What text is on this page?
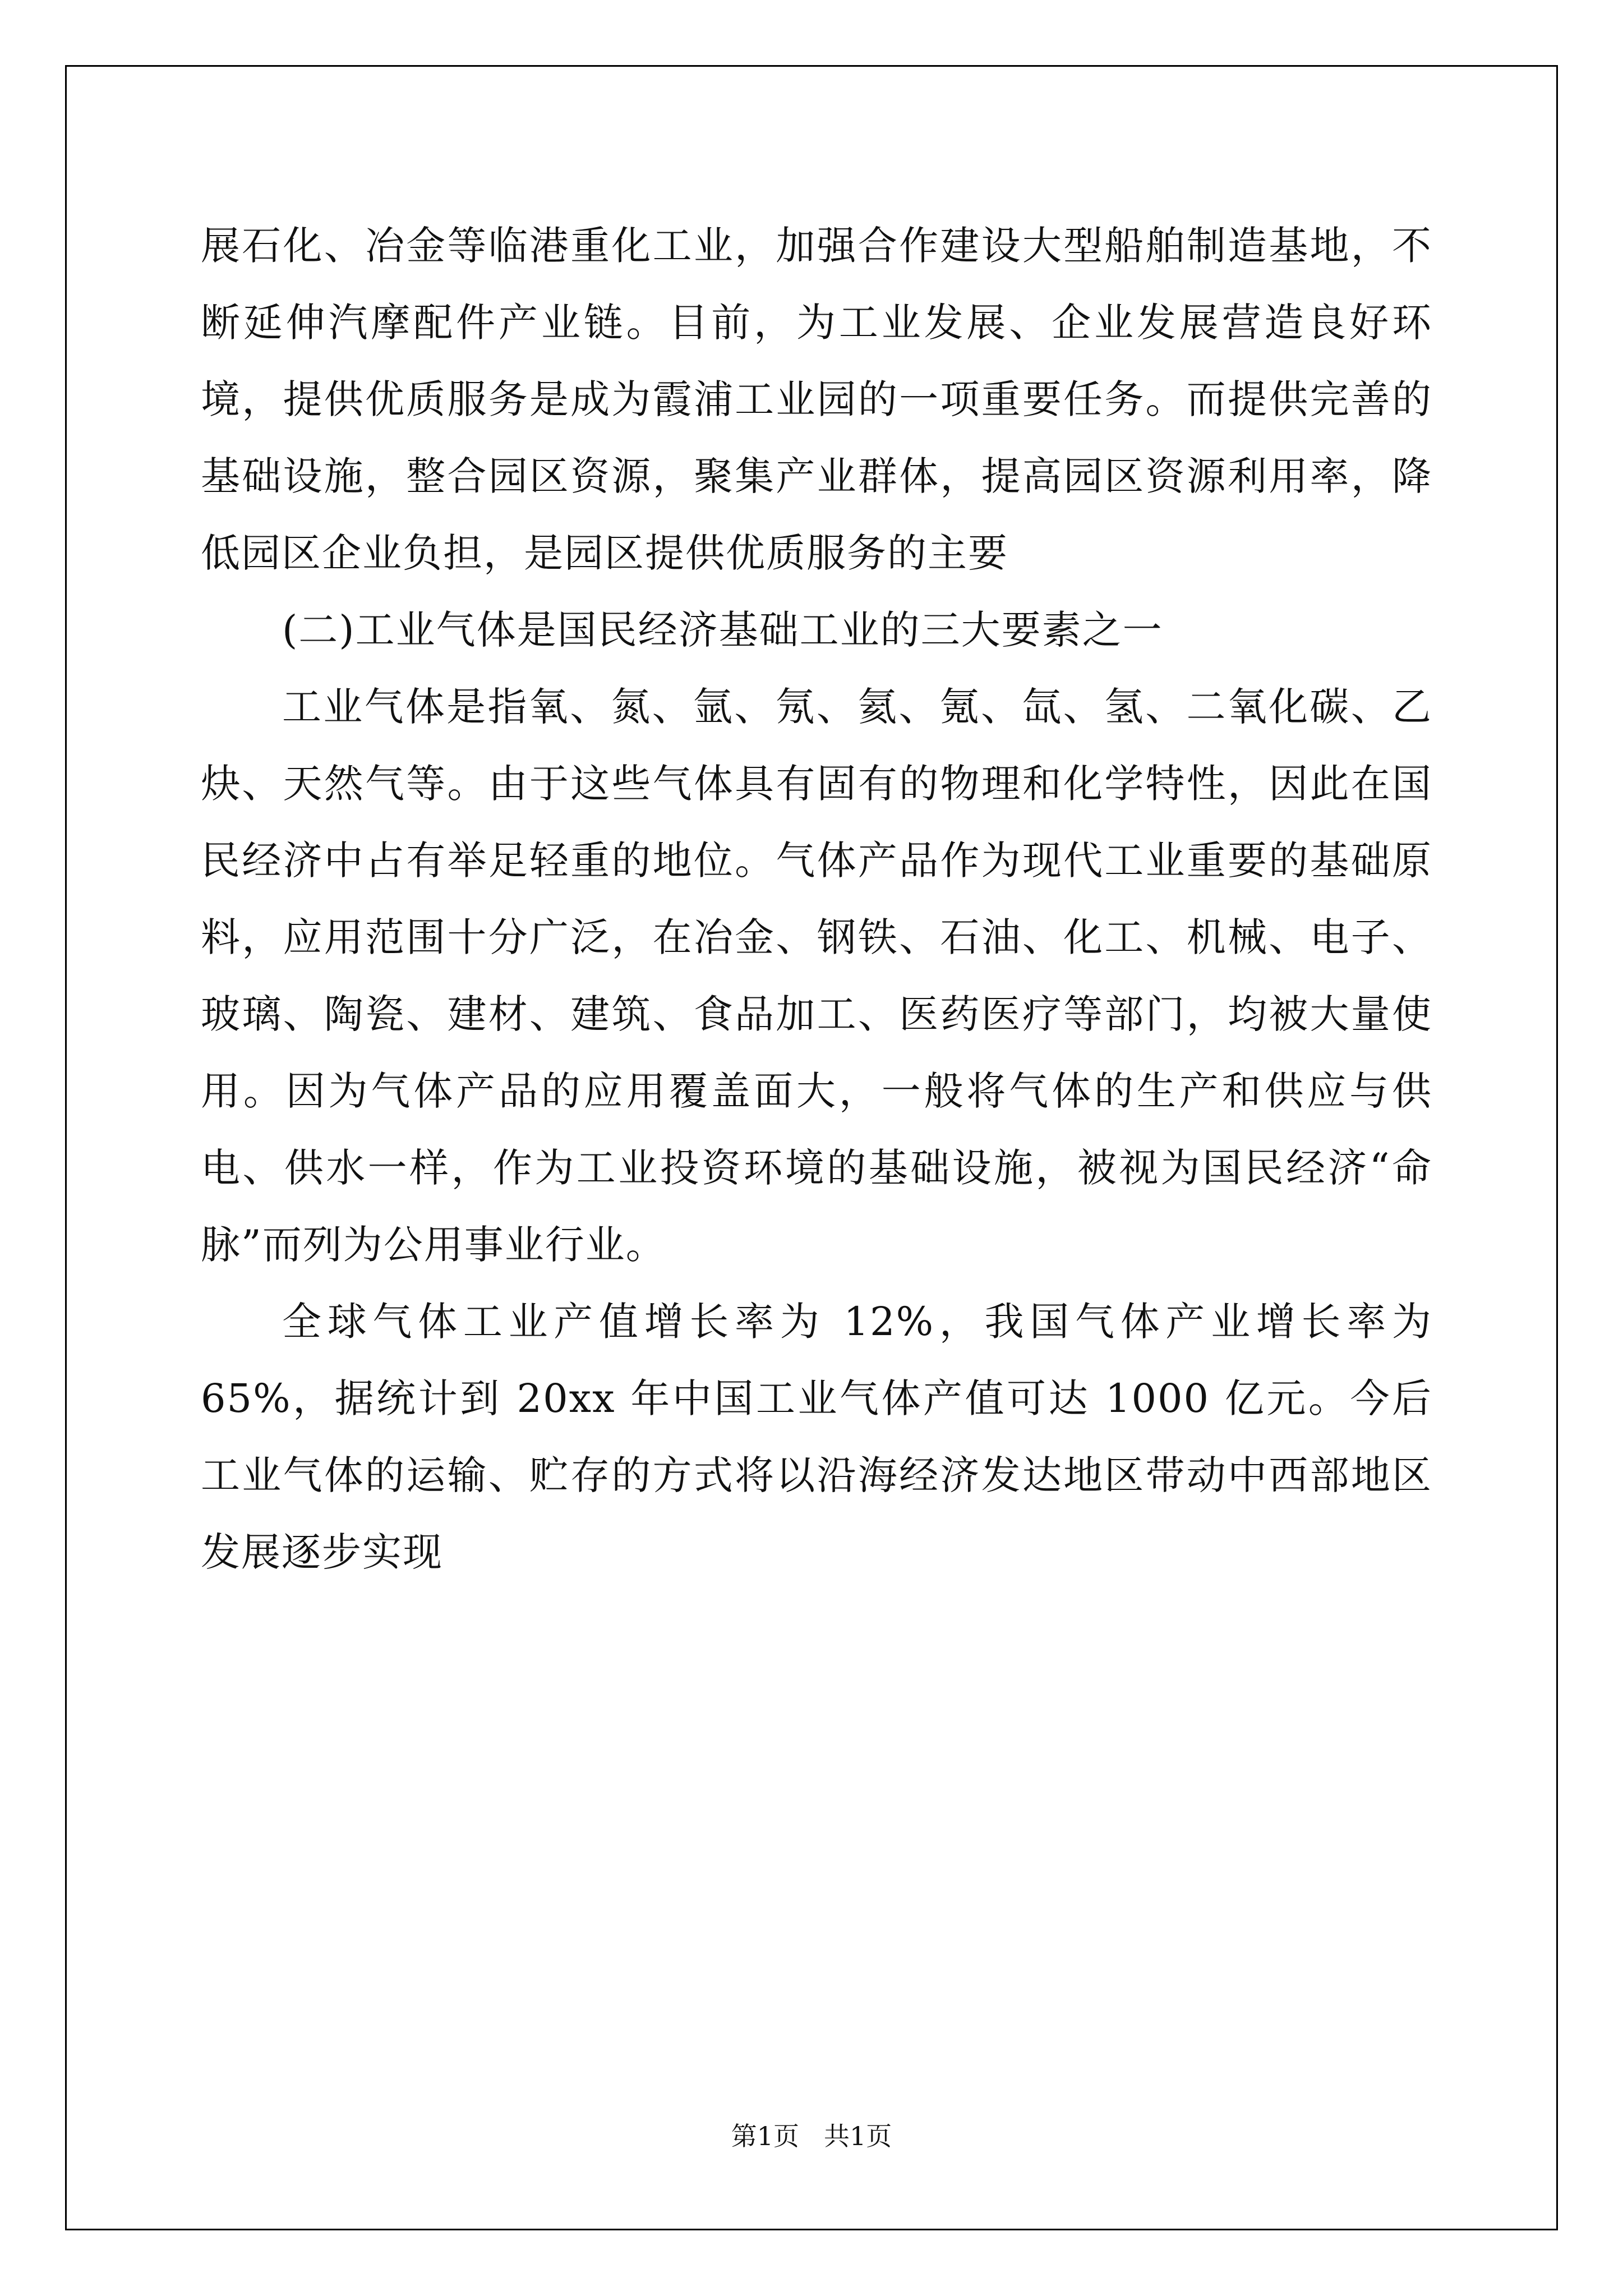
展石化、冶金等临港重化工业，加强合作建设大型船舶制造基地，不断延伸汽摩配件产业链。目前，为工业发展、企业发展营造良好环境，提供优质服务是成为霞浦工业园的一项重要任务。而提供完善的基础设施，整合园区资源，聚集产业群体，提高园区资源利用率，降低园区企业负担，是园区提供优质服务的主要

(二)工业气体是国民经济基础工业的三大要素之一

工业气体是指氧、氮、氩、氖、氦、氪、氙、氢、二氧化碳、乙炔、天然气等。由于这些气体具有固有的物理和化学特性，因此在国民经济中占有举足轻重的地位。气体产品作为现代工业重要的基础原料，应用范围十分广泛，在冶金、钢铁、石油、化工、机械、电子、玻璃、陶瓷、建材、建筑、食品加工、医药医疗等部门，均被大量使用。因为气体产品的应用覆盖面大，一般将气体的生产和供应与供电、供水一样，作为工业投资环境的基础设施，被视为国民经济“命脉”而列为公用事业行业。

全球气体工业产值增长率为 12%，我国气体产业增长率为 65%，据统计到 20xx 年中国工业气体产值可达 1000 亿元。今后工业气体的运输、贮存的方式将以沿海经济发达地区带动中西部地区发展逐步实现

第1页 共1页
